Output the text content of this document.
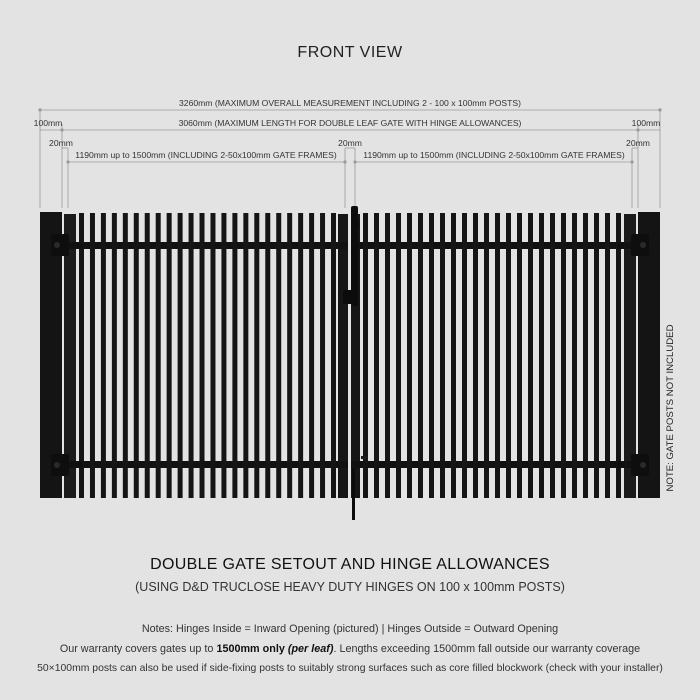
FRONT VIEW
3260mm (MAXIMUM OVERALL MEASUREMENT INCLUDING 2 - 100 x 100mm POSTS)
3060mm (MAXIMUM LENGTH FOR DOUBLE LEAF GATE WITH HINGE ALLOWANCES)
100mm	100mm
20mm	20mm	20mm
1190mm up to 1500mm (INCLUDING 2-50x100mm GATE FRAMES)	1190mm up to 1500mm (INCLUDING 2-50x100mm GATE FRAMES)
NOTE: GATE POSTS NOT INCLUDED
DOUBLE GATE SETOUT AND HINGE ALLOWANCES
(USING D&D TRUCLOSE HEAVY DUTY HINGES ON 100 x 100mm POSTS)
Notes: Hinges Inside = Inward Opening (pictured) | Hinges Outside = Outward Opening
Our warranty covers gates up to 1500mm only (per leaf). Lengths exceeding 1500mm fall outside our warranty coverage
50×100mm posts can also be used if side-fixing posts to suitably strong surfaces such as core filled blockwork (check with your installer)
